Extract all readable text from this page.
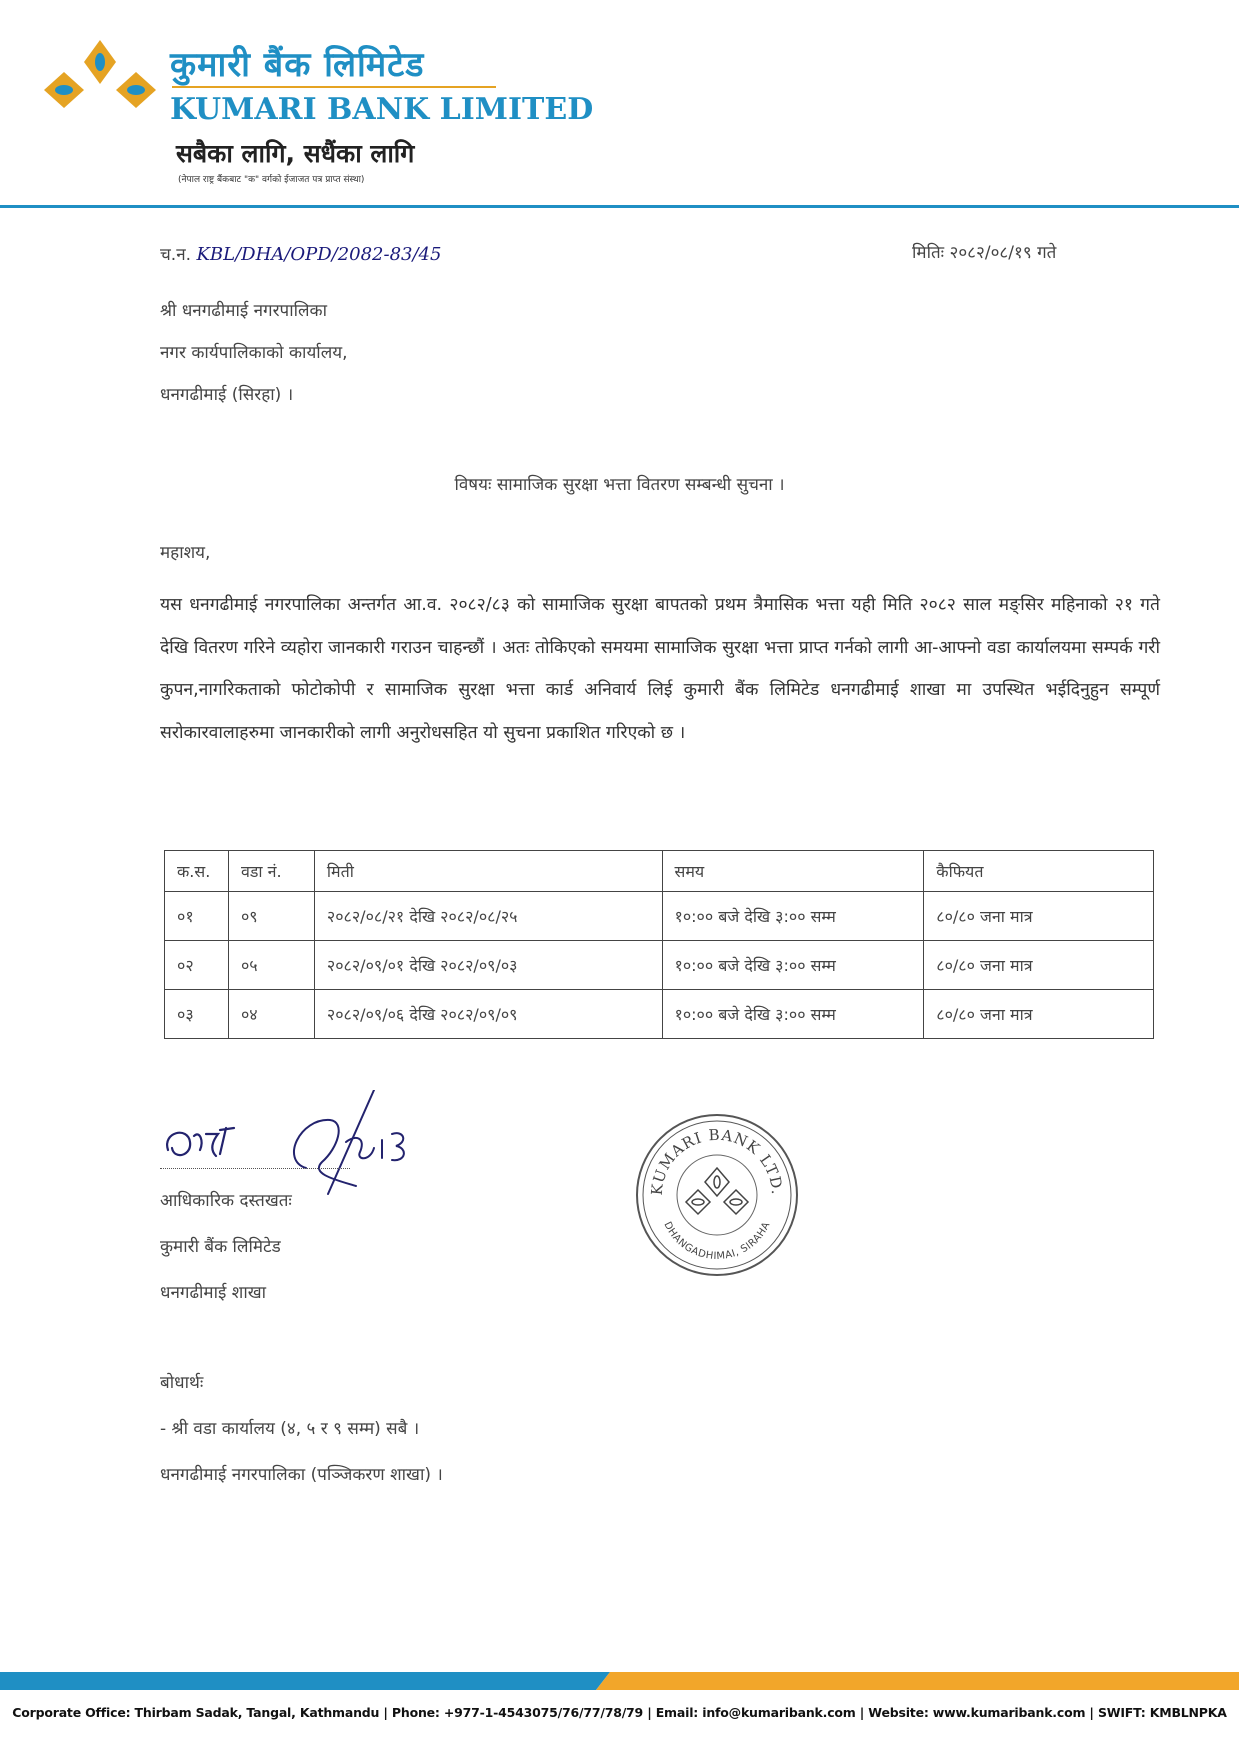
कुमारी बैंक लिमिटेड
KUMARI BANK LIMITED
सबैका लागि, सधैंका लागि
(नेपाल राष्ट्र बैंकबाट "क" वर्गको ईजाजत पत्र प्राप्त संस्था)
च.न. KBL/DHA/OPD/2082-83/45	मितिः २०८२/०८/१९ गते
श्री धनगढीमाई नगरपालिका
नगर कार्यपालिकाको कार्यालय,
धनगढीमाई (सिरहा) ।
विषयः सामाजिक सुरक्षा भत्ता वितरण सम्बन्धी सुचना ।
महाशय,
यस धनगढीमाई नगरपालिका अन्तर्गत आ.व. २०८२/८३ को सामाजिक सुरक्षा बापतको प्रथम त्रैमासिक भत्ता यही मिति २०८२ साल मङ्सिर महिनाको २१ गते देखि वितरण गरिने व्यहोरा जानकारी गराउन चाहन्छौं । अतः तोकिएको समयमा सामाजिक सुरक्षा भत्ता प्राप्त गर्नको लागी आ-आफ्नो वडा कार्यालयमा सम्पर्क गरी कुपन,नागरिकताको फोटोकोपी र सामाजिक सुरक्षा भत्ता कार्ड अनिवार्य लिई कुमारी बैंक लिमिटेड धनगढीमाई शाखा मा उपस्थित भईदिनुहुन सम्पूर्ण सरोकारवालाहरुमा जानकारीको लागी अनुरोधसहित यो सुचना प्रकाशित गरिएको छ ।
क.स.	वडा नं.	मिती	समय	कैफियत
०१	०९	२०८२/०८/२१ देखि २०८२/०८/२५	१०:०० बजे देखि ३:०० सम्म	८०/८० जना मात्र
०२	०५	२०८२/०९/०१ देखि २०८२/०९/०३	१०:०० बजे देखि ३:०० सम्म	८०/८० जना मात्र
०३	०४	२०८२/०९/०६ देखि २०८२/०९/०९	१०:०० बजे देखि ३:०० सम्म	८०/८० जना मात्र
आधिकारिक दस्तखतः
कुमारी बैंक लिमिटेड
धनगढीमाई शाखा
KUMARI BANK LTD.
DHANGADHIMAI, SIRAHA
बोधार्थः
- श्री वडा कार्यालय (४, ५ र ९ सम्म) सबै ।
धनगढीमाई नगरपालिका (पञ्जिकरण शाखा) ।
Corporate Office: Thirbam Sadak, Tangal, Kathmandu | Phone: +977-1-4543075/76/77/78/79 | Email: info@kumaribank.com | Website: www.kumaribank.com | SWIFT: KMBLNPKA
